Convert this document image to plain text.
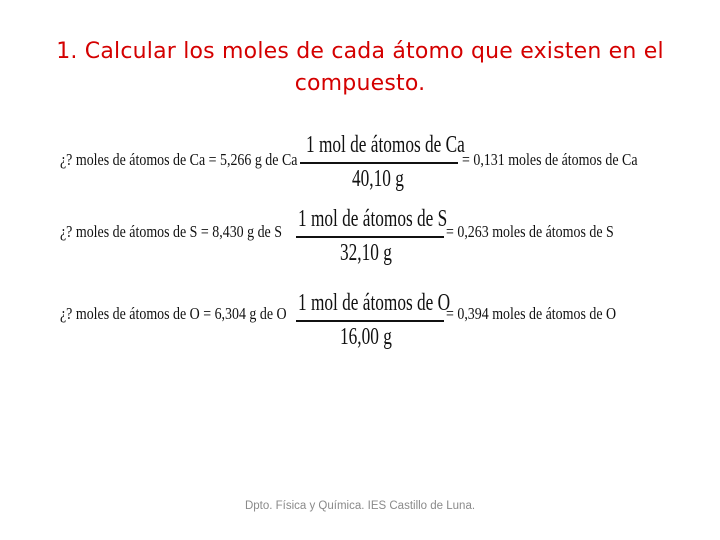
1. Calcular los moles de cada átomo que existen en el compuesto.
¿? moles de átomos de Ca = 5,266 g de Ca
1 mol de átomos de Ca
40,10 g
= 0,131 moles de átomos de Ca
¿? moles de átomos de S = 8,430 g de S 1 mol de átomos de S
32,10 g
= 0,263 moles de átomos de S
¿? moles de átomos de O = 6,304 g de O 1 mol de átomos de O
16,00 g
= 0,394 moles de átomos de O
Dpto. Física y Química. IES Castillo de Luna.
